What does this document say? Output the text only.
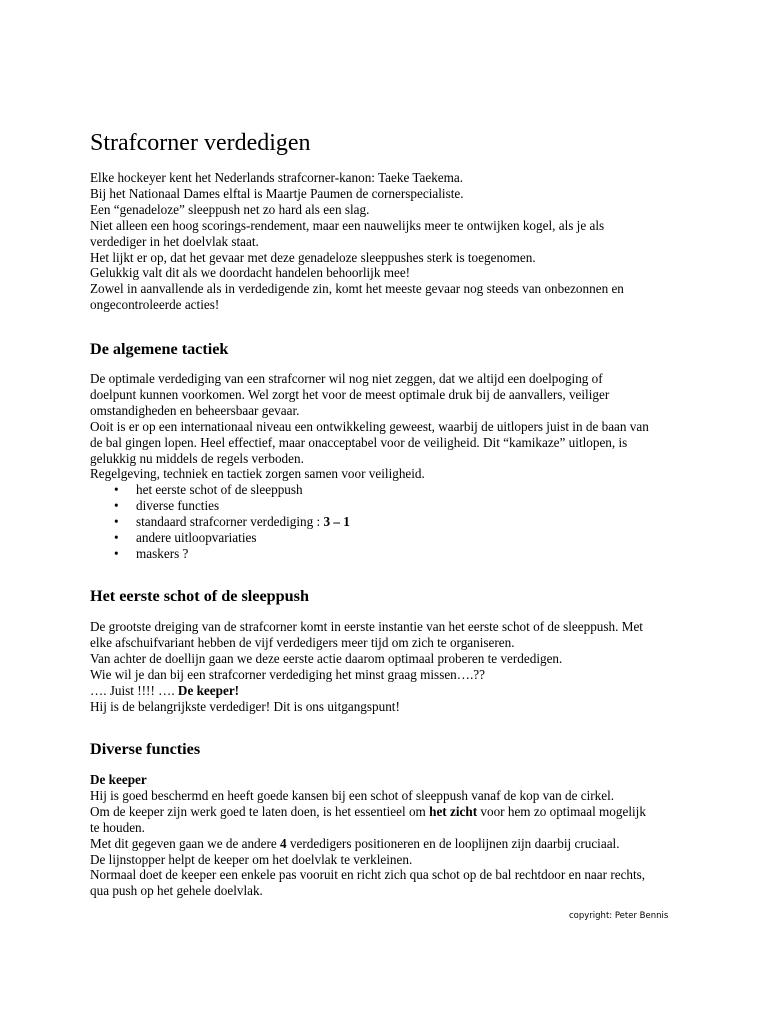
Strafcorner verdedigen
Elke hockeyer kent het Nederlands strafcorner-kanon: Taeke Taekema.
Bij het Nationaal Dames elftal is Maartje Paumen de cornerspecialiste.
Een “genadeloze” sleeppush net zo hard als een slag.
Niet alleen een hoog scorings-rendement, maar een nauwelijks meer te ontwijken kogel, als je als
verdediger in het doelvlak staat.
Het lijkt er op, dat het gevaar met deze genadeloze sleeppushes sterk is toegenomen.
Gelukkig valt dit als we doordacht handelen behoorlijk mee!
Zowel in aanvallende als in verdedigende zin, komt het meeste gevaar nog steeds van onbezonnen en
ongecontroleerde acties!
De algemene tactiek
De optimale verdediging van een strafcorner wil nog niet zeggen, dat we altijd een doelpoging of
doelpunt kunnen voorkomen. Wel zorgt het voor de meest optimale druk bij de aanvallers, veiliger
omstandigheden en beheersbaar gevaar.
Ooit is er op een internationaal niveau een ontwikkeling geweest, waarbij de uitlopers juist in de baan van
de bal gingen lopen. Heel effectief, maar onacceptabel voor de veiligheid. Dit “kamikaze” uitlopen, is
gelukkig nu middels de regels verboden.
Regelgeving, techniek en tactiek zorgen samen voor veiligheid.
• het eerste schot of de sleeppush
• diverse functies
• standaard strafcorner verdediging : 3 – 1
• andere uitloopvariaties
• maskers ?
Het eerste schot of de sleeppush
De grootste dreiging van de strafcorner komt in eerste instantie van het eerste schot of de sleeppush. Met
elke afschuifvariant hebben de vijf verdedigers meer tijd om zich te organiseren.
Van achter de doellijn gaan we deze eerste actie daarom optimaal proberen te verdedigen.
Wie wil je dan bij een strafcorner verdediging het minst graag missen….??
…. Juist !!!! …. De keeper!
Hij is de belangrijkste verdediger! Dit is ons uitgangspunt!
Diverse functies
De keeper
Hij is goed beschermd en heeft goede kansen bij een schot of sleeppush vanaf de kop van de cirkel.
Om de keeper zijn werk goed te laten doen, is het essentieel om het zicht voor hem zo optimaal mogelijk
te houden.
Met dit gegeven gaan we de andere 4 verdedigers positioneren en de looplijnen zijn daarbij cruciaal.
De lijnstopper helpt de keeper om het doelvlak te verkleinen.
Normaal doet de keeper een enkele pas vooruit en richt zich qua schot op de bal rechtdoor en naar rechts,
qua push op het gehele doelvlak.
copyright: Peter Bennis
